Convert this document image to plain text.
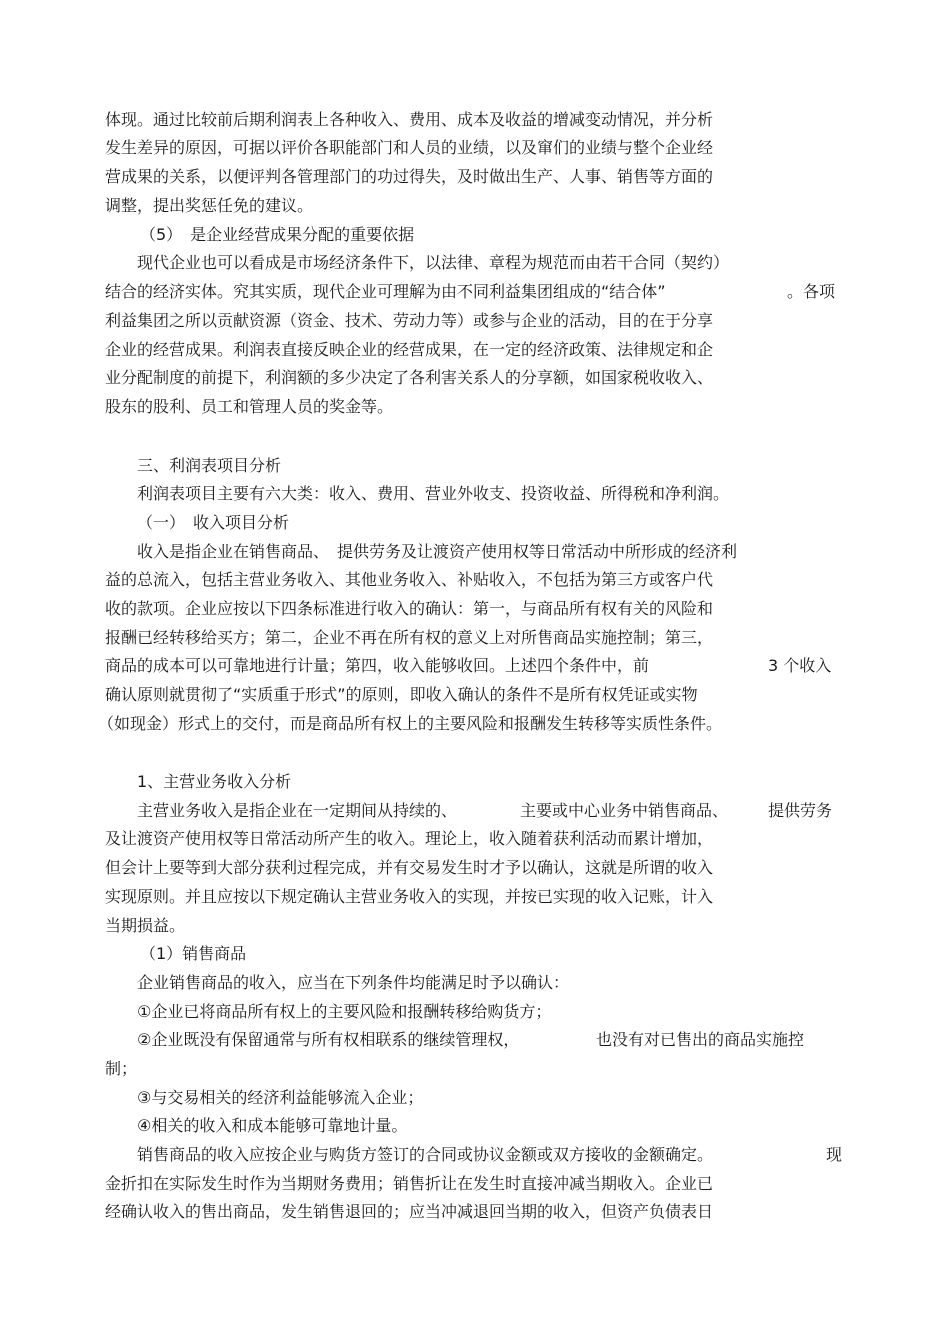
体现。通过比较前后期利润表上各种收入、费用、成本及收益的增减变动情况，并分析
发生差异的原因，可据以评价各职能部门和人员的业绩，以及窜们的业绩与整个企业经
营成果的关系，以便评判各管理部门的功过得失，及时做出生产、人事、销售等方面的
调整，提出奖惩任免的建议。
（5）　是企业经营成果分配的重要依据
现代企业也可以看成是市场经济条件下，以法律、章程为规范而由若干合同（契约）
结合的经济实体。究其实质，现代企业可理解为由不同利益集团组成的“结合体”	。各项
利益集团之所以贡献资源（资金、技术、劳动力等）或参与企业的活动，目的在于分享
企业的经营成果。利润表直接反映企业的经营成果，在一定的经济政策、法律规定和企
业分配制度的前提下，利润额的多少决定了各利害关系人的分享额，如国家税收收入、
股东的股利、员工和管理人员的奖金等。
三、利润表项目分析
利润表项目主要有六大类：收入、费用、营业外收支、投资收益、所得税和净利润。
（一）　收入项目分析
收入是指企业在销售商品、　提供劳务及让渡资产使用权等日常活动中所形成的经济利
益的总流入，包括主营业务收入、其他业务收入、补贴收入，不包括为第三方或客户代
收的款项。企业应按以下四条标准进行收入的确认：第一，与商品所有权有关的风险和
报酬已经转移给买方；第二，企业不再在所有权的意义上对所售商品实施控制；第三，
商品的成本可以可靠地进行计量；第四，收入能够收回。上述四个条件中，前	3 个收入
确认原则就贯彻了“实质重于形式”的原则，即收入确认的条件不是所有权凭证或实物
（如现金）形式上的交付，而是商品所有权上的主要风险和报酬发生转移等实质性条件。
1、主营业务收入分析
主营业务收入是指企业在一定期间从持续的、	主要或中心业务中销售商品、 提供劳务
及让渡资产使用权等日常活动所产生的收入。理论上，收入随着获利活动而累计增加，
但会计上要等到大部分获利过程完成，并有交易发生时才予以确认，这就是所谓的收入
实现原则。并且应按以下规定确认主营业务收入的实现，并按已实现的收入记账，计入
当期损益。
（1）销售商品
企业销售商品的收入，应当在下列条件均能满足时予以确认：
①企业已将商品所有权上的主要风险和报酬转移给购货方；
②企业既没有保留通常与所有权相联系的继续管理权，	也没有对已售出的商品实施控
制；
③与交易相关的经济利益能够流入企业；
④相关的收入和成本能够可靠地计量。
销售商品的收入应按企业与购货方签订的合同或协议金额或双方接收的金额确定。	现
金折扣在实际发生时作为当期财务费用；销售折让在发生时直接冲减当期收入。企业已
经确认收入的售出商品，发生销售退回的；应当冲减退回当期的收入，但资产负债表日
